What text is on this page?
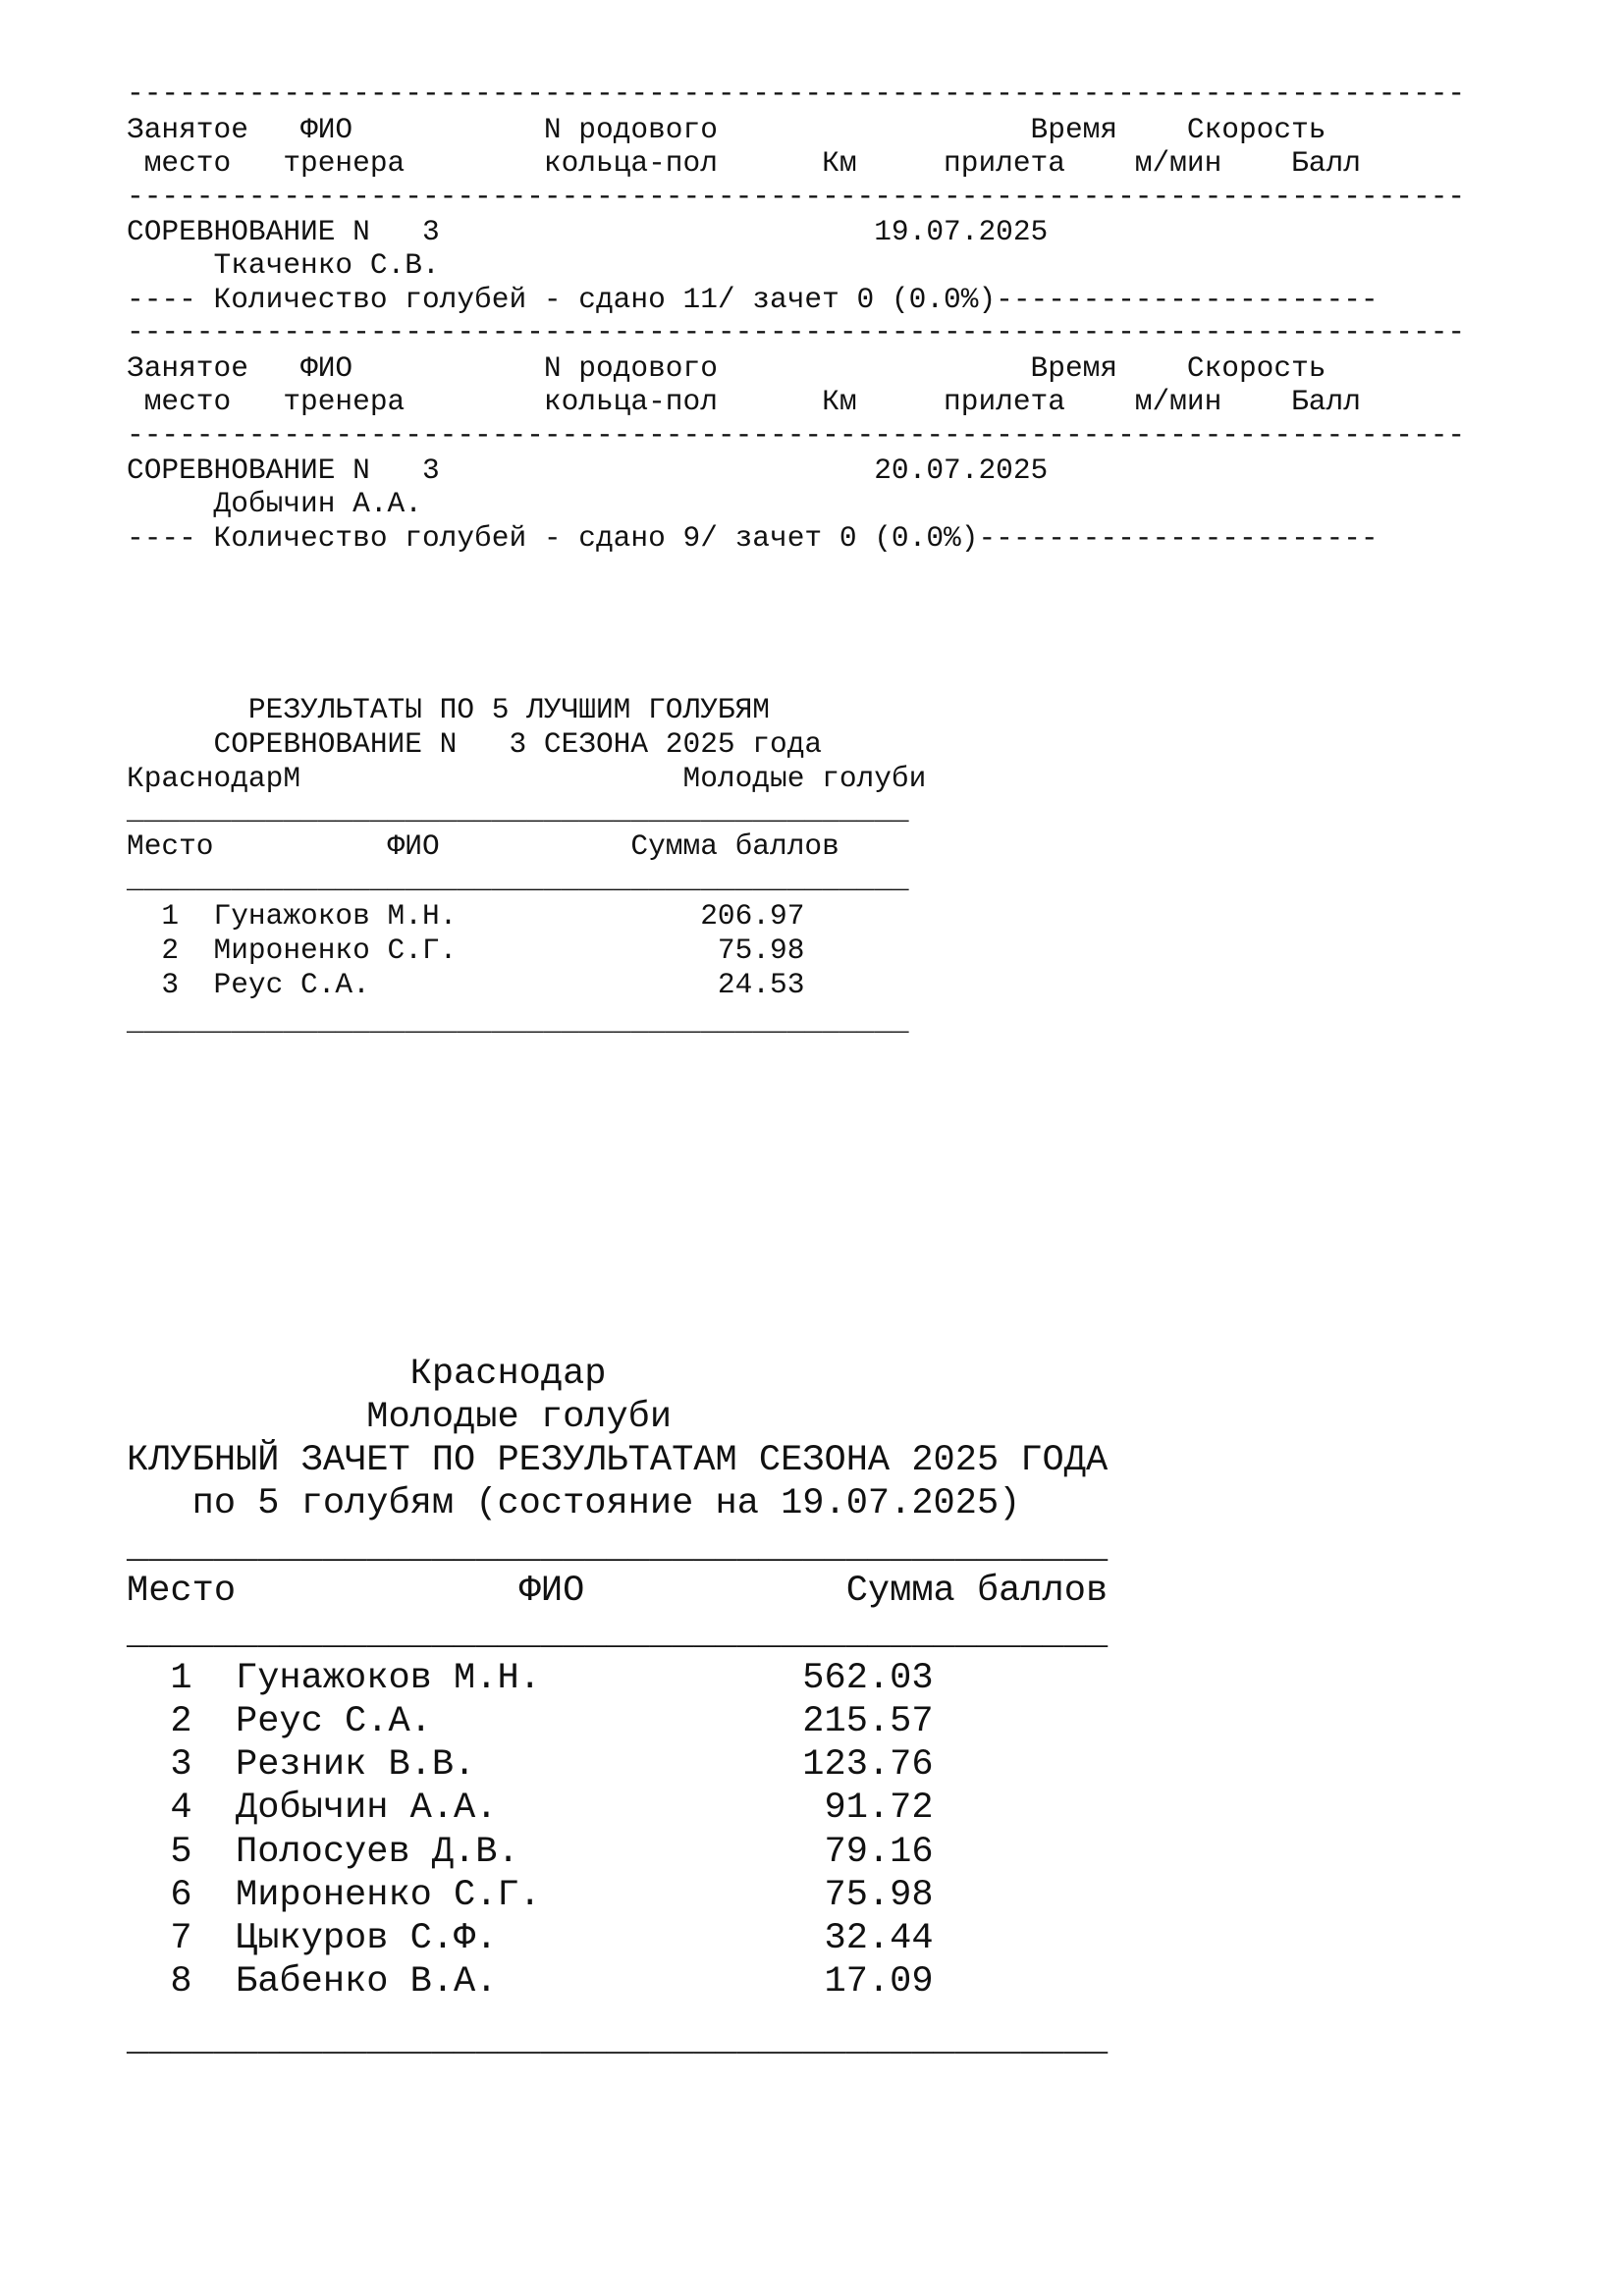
-----------------------------------------------------------------------------

Занятое   ФИО           N родового                  Время    Скорость

место   тренера        кольца-пол      Км     прилета    м/мин    Балл

-----------------------------------------------------------------------------

СОРЕВНОВАНИЕ N   3                         19.07.2025

Ткаченко С.В.

---- Количество голубей - сдано 11/ зачет 0 (0.0%)----------------------

-----------------------------------------------------------------------------

Занятое   ФИО           N родового                  Время    Скорость

место   тренера        кольца-пол      Км     прилета    м/мин    Балл

-----------------------------------------------------------------------------

СОРЕВНОВАНИЕ N   3                         20.07.2025

Добычин А.А.

---- Количество голубей - сдано 9/ зачет 0 (0.0%)-----------------------

РЕЗУЛЬТАТЫ ПО 5 ЛУЧШИМ ГОЛУБЯМ

СОРЕВНОВАНИЕ N   3 СЕЗОНА 2025 года

КраснодарМ                      Молодые голуби

_____________________________________________

Место          ФИО           Сумма баллов

_____________________________________________

1  Гунажоков М.Н.              206.97

2  Мироненко С.Г.               75.98

3  Реус С.А.                    24.53

_____________________________________________

Краснодар

Молодые голуби

КЛУБНЫЙ ЗАЧЕТ ПО РЕЗУЛЬТАТАМ СЕЗОНА 2025 ГОДА

по 5 голубям (состояние на 19.07.2025)

_____________________________________________

Место             ФИО            Сумма баллов

_____________________________________________

1  Гунажоков М.Н.            562.03

2  Реус С.А.                 215.57

3  Резник В.В.               123.76

4  Добычин А.А.               91.72

5  Полосуев Д.В.              79.16

6  Мироненко С.Г.             75.98

7  Цыкуров С.Ф.               32.44

8  Бабенко В.А.               17.09

_____________________________________________
